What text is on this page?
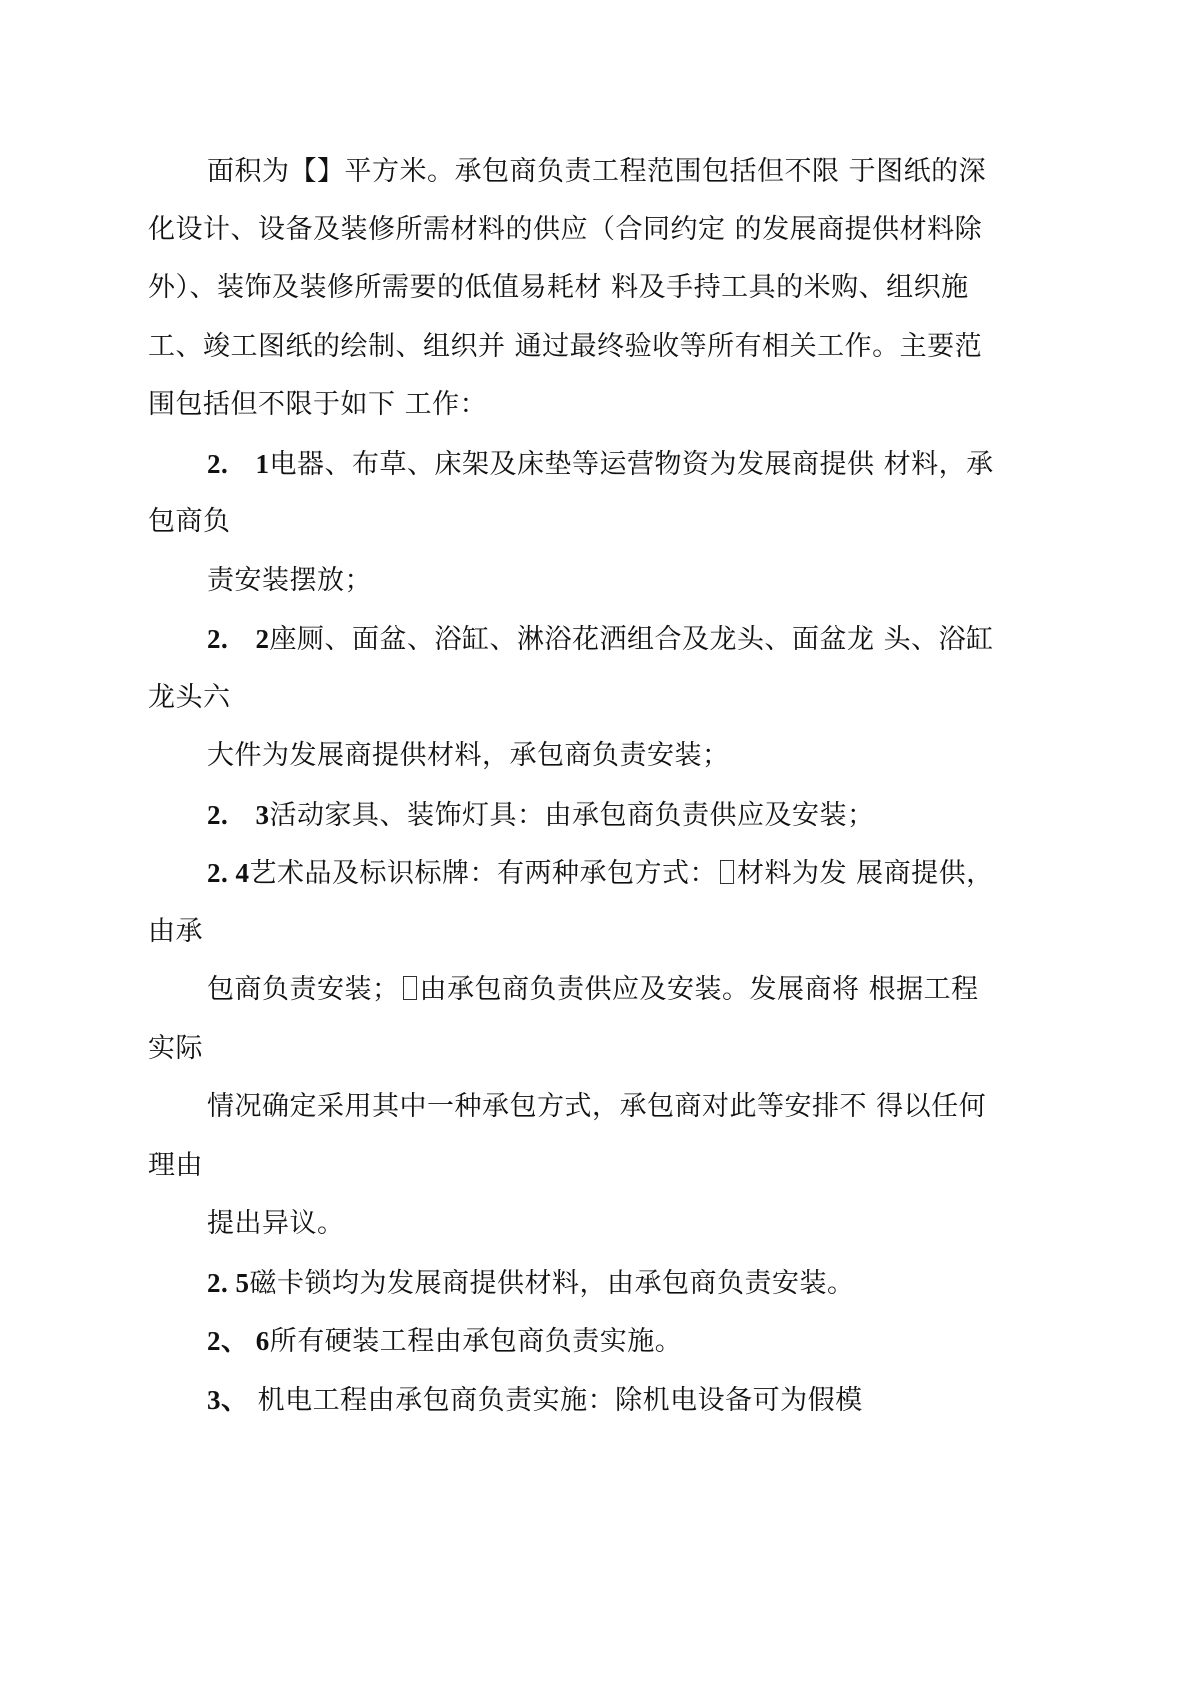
面积为【】平方米。承包商负责工程范围包括但不限 于图纸的深
化设计、设备及装修所需材料的供应（合同约定 的发展商提供材料除
外）、装饰及装修所需要的低值易耗材 料及手持工具的米购、组织施
工、竣工图纸的绘制、组织并 通过最终验收等所有相关工作。主要范
围包括但不限于如下 工作：
2. 1电器、布草、床架及床垫等运营物资为发展商提供 材料，承
包商负
责安装摆放；
2. 2座厕、面盆、浴缸、淋浴花洒组合及龙头、面盆龙 头、浴缸
龙头六
大件为发展商提供材料，承包商负责安装；
2. 3活动家具、装饰灯具：由承包商负责供应及安装；
2. 4艺术品及标识标牌：有两种承包方式： 材料为发 展商提供，
由承
包商负责安装； 由承包商负责供应及安装。发展商将 根据工程
实际
情况确定采用其中一种承包方式，承包商对此等安排不 得以任何
理由
提出异议。
2. 5磁卡锁均为发展商提供材料，由承包商负责安装。
2、 6所有硬装工程由承包商负责实施。
3、 机电工程由承包商负责实施：除机电设备可为假模
